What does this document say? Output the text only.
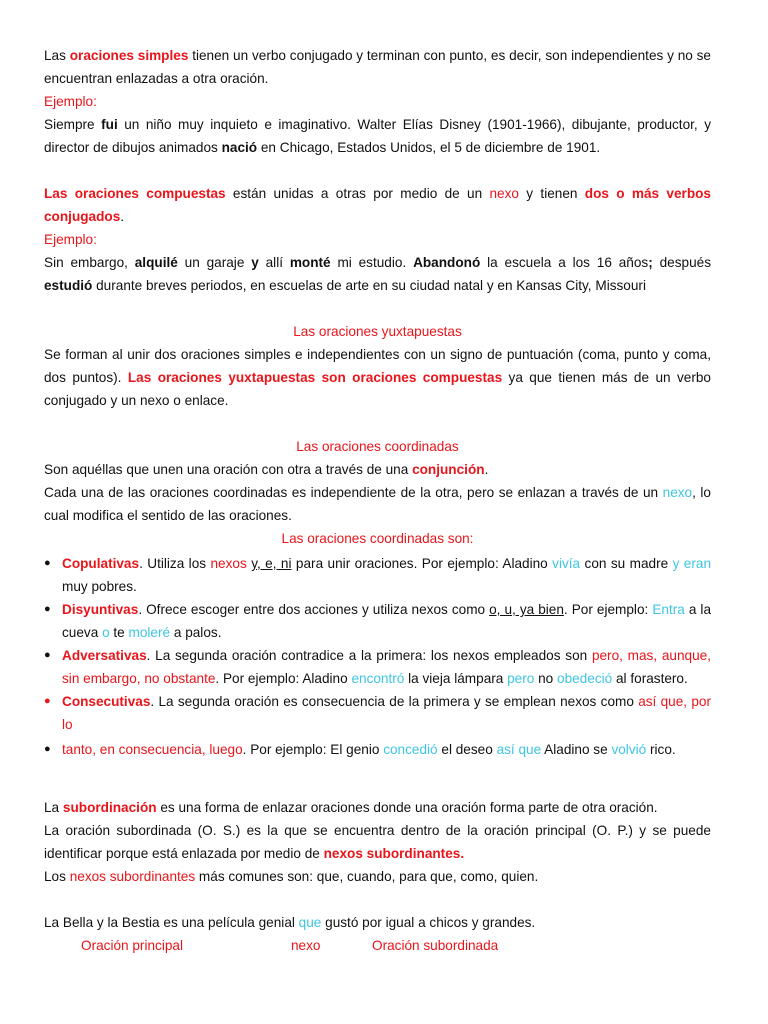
Las oraciones simples tienen un verbo conjugado y terminan con punto, es decir, son independientes y no se encuentran enlazadas a otra oración.

Ejemplo:

Siempre fui un niño muy inquieto e imaginativo. Walter Elías Disney (1901-1966), dibujante, productor, y director de dibujos animados nació en Chicago, Estados Unidos, el 5 de diciembre de 1901.

Las oraciones compuestas están unidas a otras por medio de un nexo y tienen dos o más verbos conjugados.

Ejemplo:

Sin embargo, alquilé un garaje y allí monté mi estudio. Abandonó la escuela a los 16 años; después estudió durante breves periodos, en escuelas de arte en su ciudad natal y en Kansas City, Missouri

Las oraciones yuxtapuestas

Se forman al unir dos oraciones simples e independientes con un signo de puntuación (coma, punto y coma, dos puntos). Las oraciones yuxtapuestas son oraciones compuestas ya que tienen más de un verbo conjugado y un nexo o enlace.

Las oraciones coordinadas

Son aquéllas que unen una oración con otra a través de una conjunción.

Cada una de las oraciones coordinadas es independiente de la otra, pero se enlazan a través de un nexo, lo cual modifica el sentido de las oraciones.

Las oraciones coordinadas son:

● Copulativas. Utiliza los nexos y, e, ni para unir oraciones. Por ejemplo: Aladino vivía con su madre y eran muy pobres.
● Disyuntivas. Ofrece escoger entre dos acciones y utiliza nexos como o, u, ya bien. Por ejemplo: Entra a la cueva o te moleré a palos.
● Adversativas. La segunda oración contradice a la primera: los nexos empleados son pero, mas, aunque, sin embargo, no obstante. Por ejemplo: Aladino encontró la vieja lámpara pero no obedeció al forastero.
● Consecutivas. La segunda oración es consecuencia de la primera y se emplean nexos como así que, por lo
● tanto, en consecuencia, luego. Por ejemplo: El genio concedió el deseo así que Aladino se volvió rico.

La subordinación es una forma de enlazar oraciones donde una oración forma parte de otra oración.

La oración subordinada (O. S.) es la que se encuentra dentro de la oración principal (O. P.) y se puede identificar porque está enlazada por medio de nexos subordinantes.

Los nexos subordinantes más comunes son: que, cuando, para que, como, quien.

La Bella y la Bestia es una película genial que gustó por igual a chicos y grandes.

Oración principal	nexo	Oración subordinada
